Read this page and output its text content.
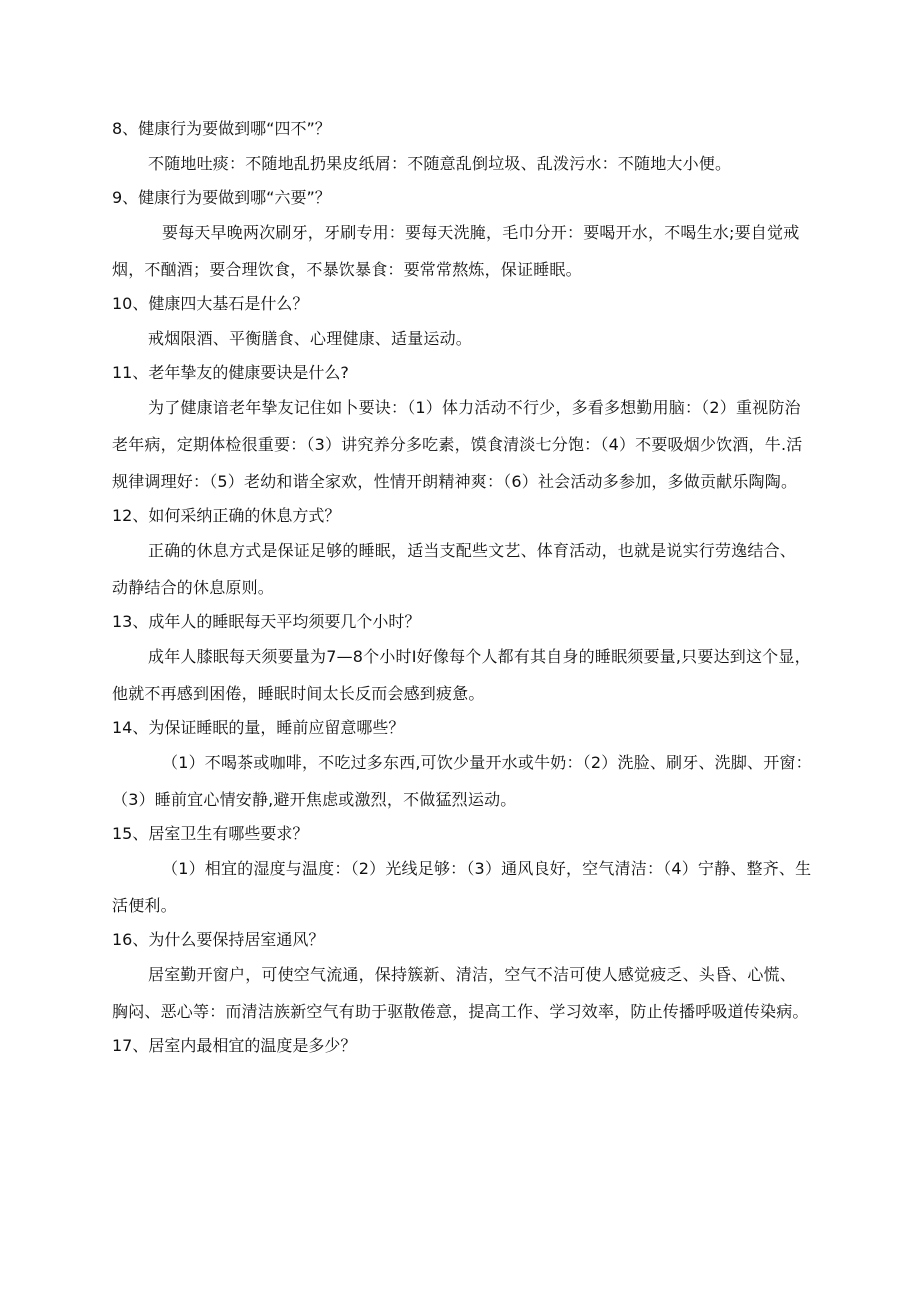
8、健康行为要做到哪“四不”？

不随地吐痰：不随地乱扔果皮纸屑：不随意乱倒垃圾、乱泼污水：不随地大小便。

9、健康行为要做到哪“六要”？

要每天早晚两次刷牙，牙刷专用：要每天洗腌，毛巾分开：要喝开水，不喝生水;要自觉戒烟，不酗酒；要合理饮食，不暴饮暴食：要常常熬炼，保证睡眠。

10、健康四大基石是什么？

戒烟限酒、平衡膳食、心理健康、适量运动。

11、老年挚友的健康要诀是什么?

为了健康谙老年挚友记住如卜要诀：（1）体力活动不行少，多看多想勤用脑：（2）重视防治老年病，定期体检很重要：（3）讲究养分多吃素，馍食清淡七分饱：（4）不要吸烟少饮酒，牛.活规律调理好：（5）老幼和谐全家欢，性情开朗精神爽：（6）社会活动多参加，多做贡献乐陶陶。

12、如何采纳正确的休息方式？

正确的休息方式是保证足够的睡眠，适当支配些文艺、体育活动，也就是说实行劳逸结合、动静结合的休息原则。

13、成年人的睡眠每天平均须要几个小时？

成年人膝眠每天须要量为7—8个小时I好像每个人都有其自身的睡眠须要量,只要达到这个显，他就不再感到困倦，睡眠时间太长反而会感到疲惫。

14、为保证睡眠的量，睡前应留意哪些？

（1）不喝茶或咖啡，不吃过多东西,可饮少量开水或牛奶：（2）洗脸、刷牙、洗脚、开窗：（3）睡前宜心情安静,避开焦虑或激烈，不做猛烈运动。

15、居室卫生有哪些要求？

（1）相宜的湿度与温度：（2）光线足够：（3）通风良好，空气清洁：（4）宁静、整齐、生活便利。

16、为什么要保持居室通风？

居室勤开窗户，可使空气流通，保持簇新、清洁，空气不洁可使人感觉疲乏、头昏、心慌、胸闷、恶心等：而清洁族新空气有助于驱散倦意，提高工作、学习效率，防止传播呼吸道传染病。

17、居室内最相宜的温度是多少？
